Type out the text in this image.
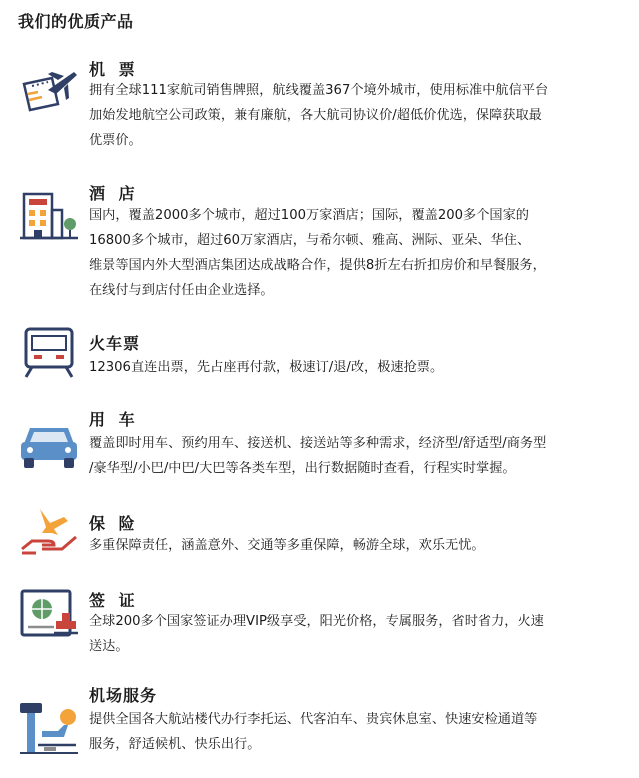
我们的优质产品
机 票
拥有全球111家航司销售牌照，航线覆盖367个境外城市，使用标准中航信平台
加始发地航空公司政策，兼有廉航，各大航司协议价/超低价优选，保障获取最
优票价。
酒 店
国内，覆盖2000多个城市，超过100万家酒店；国际，覆盖200多个国家的
16800多个城市，超过60万家酒店，与希尔顿、雅高、洲际、亚朵、华住、
维景等国内外大型酒店集团达成战略合作，提供8折左右折扣房价和早餐服务，
在线付与到店付任由企业选择。
火车票
12306直连出票，先占座再付款，极速订/退/改，极速抢票。
用 车
覆盖即时用车、预约用车、接送机、接送站等多种需求，经济型/舒适型/商务型
/豪华型/小巴/中巴/大巴等各类车型，出行数据随时查看，行程实时掌握。
保 险
多重保障责任，涵盖意外、交通等多重保障，畅游全球，欢乐无忧。
签 证
全球200多个国家签证办理VIP级享受，阳光价格，专属服务，省时省力，火速
送达。
机场服务
提供全国各大航站楼代办行李托运、代客泊车、贵宾休息室、快速安检通道等
服务，舒适候机、快乐出行。
